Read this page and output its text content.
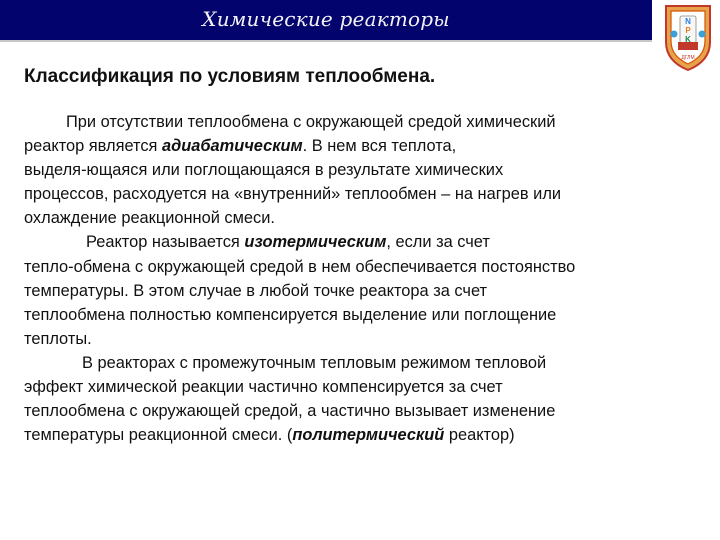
Химические реакторы	N
P
K
ДГЛМ
Классификация по условиям теплообмена.

При отсутствии теплообмена с окружающей средой химический
реактор является адиабатическим. В нем вся теплота,
выделя-ющаяся или поглощающаяся в результате химических
процессов, расходуется на «внутренний» теплообмен – на нагрев или
охлаждение реакционной смеси.

Реактор называется изотермическим, если за счет
тепло-обмена с окружающей средой в нем обеспечивается постоянство
температуры. В этом случае в любой точке реактора за счет
теплообмена полностью компенсируется выделение или поглощение
теплоты.

В реакторах с промежуточным тепловым режимом тепловой
эффект химической реакции частично компенсируется за счет
теплообмена с окружающей средой, а частично вызывает изменение
температуры реакционной смеси. (политермический реактор)
